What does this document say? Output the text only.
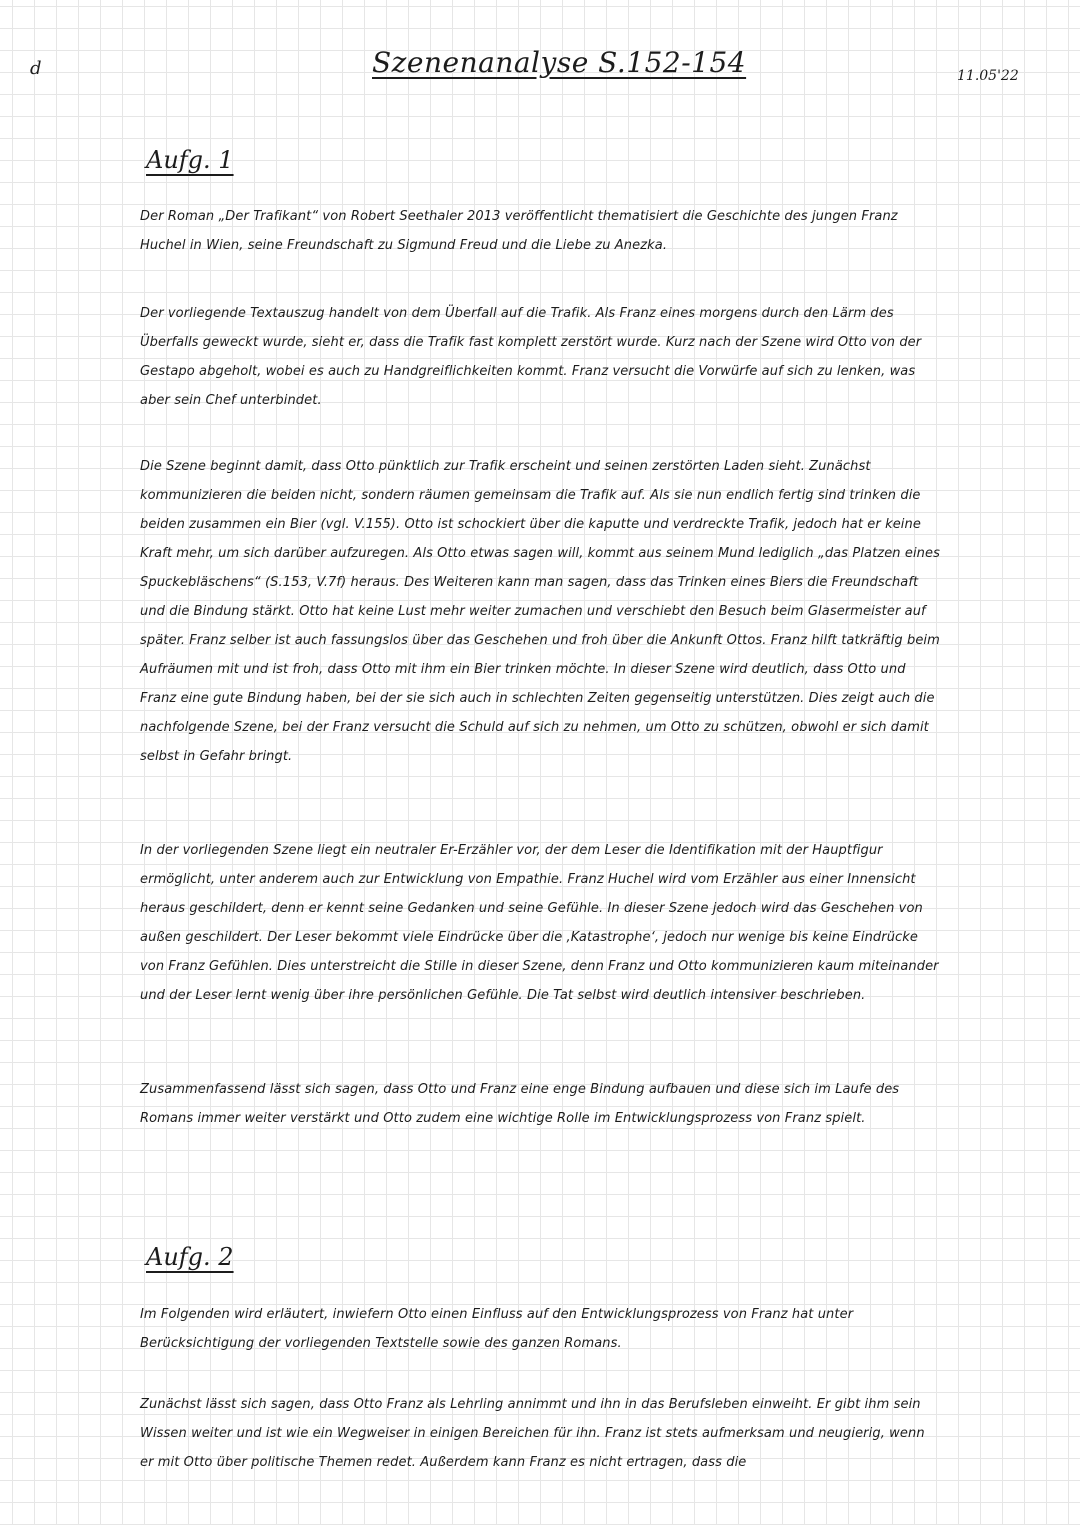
d	Szenenanalyse S.152-154	11.05'22
Aufg. 1

Der Roman „Der Trafikant“ von Robert Seethaler 2013 veröffentlicht thematisiert die Geschichte des jungen Franz Huchel in Wien, seine Freundschaft zu Sigmund Freud und die Liebe zu Anezka.

Der vorliegende Textauszug handelt von dem Überfall auf die Trafik. Als Franz eines morgens durch den Lärm des Überfalls geweckt wurde, sieht er, dass die Trafik fast komplett zerstört wurde. Kurz nach der Szene wird Otto von der Gestapo abgeholt, wobei es auch zu Handgreiflichkeiten kommt. Franz versucht die Vorwürfe auf sich zu lenken, was aber sein Chef unterbindet.

Die Szene beginnt damit, dass Otto pünktlich zur Trafik erscheint und seinen zerstörten Laden sieht. Zunächst kommunizieren die beiden nicht, sondern räumen gemeinsam die Trafik auf. Als sie nun endlich fertig sind trinken die beiden zusammen ein Bier (vgl. V.155). Otto ist schockiert über die kaputte und verdreckte Trafik, jedoch hat er keine Kraft mehr, um sich darüber aufzuregen. Als Otto etwas sagen will, kommt aus seinem Mund lediglich „das Platzen eines Spuckebläschens“ (S.153, V.7f) heraus. Des Weiteren kann man sagen, dass das Trinken eines Biers die Freundschaft und die Bindung stärkt. Otto hat keine Lust mehr weiter zumachen und verschiebt den Besuch beim Glasermeister auf später. Franz selber ist auch fassungslos über das Geschehen und froh über die Ankunft Ottos. Franz hilft tatkräftig beim Aufräumen mit und ist froh, dass Otto mit ihm ein Bier trinken möchte. In dieser Szene wird deutlich, dass Otto und Franz eine gute Bindung haben, bei der sie sich auch in schlechten Zeiten gegenseitig unterstützen. Dies zeigt auch die nachfolgende Szene, bei der Franz versucht die Schuld auf sich zu nehmen, um Otto zu schützen, obwohl er sich damit selbst in Gefahr bringt.

In der vorliegenden Szene liegt ein neutraler Er-Erzähler vor, der dem Leser die Identifikation mit der Hauptfigur ermöglicht, unter anderem auch zur Entwicklung von Empathie. Franz Huchel wird vom Erzähler aus einer Innensicht heraus geschildert, denn er kennt seine Gedanken und seine Gefühle. In dieser Szene jedoch wird das Geschehen von außen geschildert. Der Leser bekommt viele Eindrücke über die ‚Katastrophe‘, jedoch nur wenige bis keine Eindrücke von Franz Gefühlen. Dies unterstreicht die Stille in dieser Szene, denn Franz und Otto kommunizieren kaum miteinander und der Leser lernt wenig über ihre persönlichen Gefühle. Die Tat selbst wird deutlich intensiver beschrieben.

Zusammenfassend lässt sich sagen, dass Otto und Franz eine enge Bindung aufbauen und diese sich im Laufe des Romans immer weiter verstärkt und Otto zudem eine wichtige Rolle im Entwicklungsprozess von Franz spielt.

Aufg. 2

Im Folgenden wird erläutert, inwiefern Otto einen Einfluss auf den Entwicklungsprozess von Franz hat unter Berücksichtigung der vorliegenden Textstelle sowie des ganzen Romans.

Zunächst lässt sich sagen, dass Otto Franz als Lehrling annimmt und ihn in das Berufsleben einweiht. Er gibt ihm sein Wissen weiter und ist wie ein Wegweiser in einigen Bereichen für ihn. Franz ist stets aufmerksam und neugierig, wenn er mit Otto über politische Themen redet. Außerdem kann Franz es nicht ertragen, dass die
